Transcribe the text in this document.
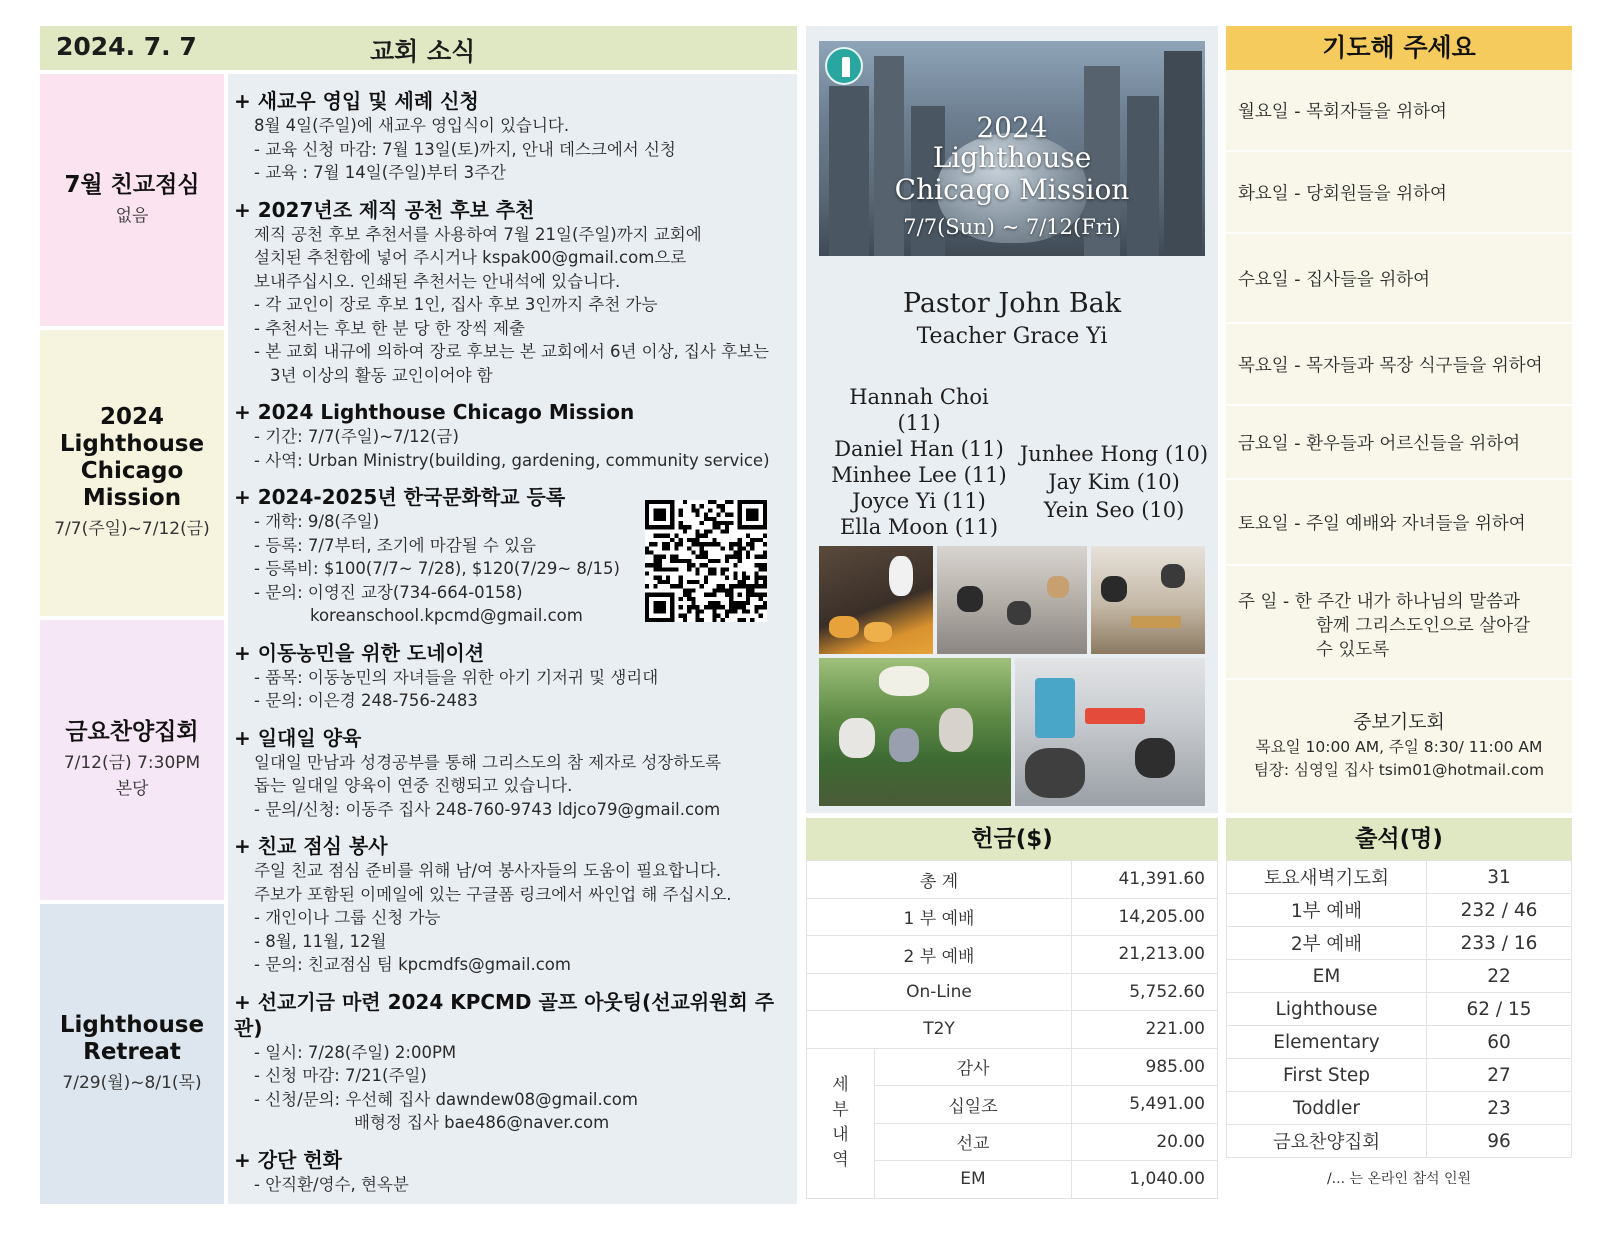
2024. 7. 7	교회 소식
7월 친교점심
없음
2024 Lighthouse Chicago Mission
7/7(주일)~7/12(금)
금요찬양집회
7/12(금) 7:30PM
본당
Lighthouse Retreat
7/29(월)~8/1(목)
+ 새교우 영입 및 세례 신청
8월 4일(주일)에 새교우 영입식이 있습니다.
- 교육 신청 마감: 7월 13일(토)까지, 안내 데스크에서 신청
- 교육 : 7월 14일(주일)부터 3주간
+ 2027년조 제직 공천 후보 추천
제직 공천 후보 추천서를 사용하여 7월 21일(주일)까지 교회에
설치된 추천함에 넣어 주시거나 kspak00@gmail.com으로
보내주십시오. 인쇄된 추천서는 안내석에 있습니다.
- 각 교인이 장로 후보 1인, 집사 후보 3인까지 추천 가능
- 추천서는 후보 한 분 당 한 장씩 제출
- 본 교회 내규에 의하여 장로 후보는 본 교회에서 6년 이상, 집사 후보는
3년 이상의 활동 교인이어야 함
+ 2024 Lighthouse Chicago Mission
- 기간: 7/7(주일)~7/12(금)
- 사역: Urban Ministry(building, gardening, community service)
+ 2024-2025년 한국문화학교 등록
- 개학: 9/8(주일)
- 등록: 7/7부터, 조기에 마감될 수 있음
- 등록비: $100(7/7~ 7/28), $120(7/29~ 8/15)
- 문의: 이영진 교장(734-664-0158)
koreanschool.kpcmd@gmail.com
+ 이동농민을 위한 도네이션
- 품목: 이동농민의 자녀들을 위한 아기 기저귀 및 생리대
- 문의: 이은경 248-756-2483
+ 일대일 양육
일대일 만남과 성경공부를 통해 그리스도의 참 제자로 성장하도록
돕는 일대일 양육이 연중 진행되고 있습니다.
- 문의/신청: 이동주 집사 248-760-9743 ldjco79@gmail.com
+ 친교 점심 봉사
주일 친교 점심 준비를 위해 남/여 봉사자들의 도움이 필요합니다.
주보가 포함된 이메일에 있는 구글폼 링크에서 싸인업 해 주십시오.
- 개인이나 그룹 신청 가능
- 8월, 11월, 12월
- 문의: 친교점심 팀 kpcmdfs@gmail.com
+ 선교기금 마련 2024 KPCMD 골프 아웃팅(선교위원회 주관)
- 일시: 7/28(주일) 2:00PM
- 신청 마감: 7/21(주일)
- 신청/문의: 우선혜 집사 dawndew08@gmail.com
배형정 집사 bae486@naver.com
+ 강단 헌화
- 안직환/영수, 현옥분
2024
Lighthouse
Chicago Mission
7/7(Sun) ~ 7/12(Fri)
Pastor John Bak
Teacher Grace Yi
Hannah Choi (11)
Daniel Han (11)
Minhee Lee (11)
Joyce Yi (11)
Ella Moon (11)
Junhee Hong (10)
Jay Kim (10)
Yein Seo (10)
헌금($)
총 계		41,391.60
1 부 예배		14,205.00
2 부 예배		21,213.00
On-Line		5,752.60
T2Y		221.00

세
부
내
역	감사	985.00
	십일조	5,491.00
	선교	20.00
	EM	1,040.00
기도해 주세요
월요일 - 목회자들을 위하여
화요일 - 당회원들을 위하여
수요일 - 집사들을 위하여
목요일 - 목자들과 목장 식구들을 위하여
금요일 - 환우들과 어르신들을 위하여
토요일 - 주일 예배와 자녀들을 위하여
주 일 - 한 주간 내가 하나님의 말씀과
함께 그리스도인으로 살아갈
수 있도록
중보기도회
목요일 10:00 AM, 주일 8:30/ 11:00 AM
팀장: 심영일 집사 tsim01@hotmail.com
출석(명)
토요새벽기도회	31
1부 예배	232 / 46
2부 예배	233 / 16
EM	22
Lighthouse	62 / 15
Elementary	60
First Step	27
Toddler	23
금요찬양집회	96
/... 는 온라인 참석 인원
